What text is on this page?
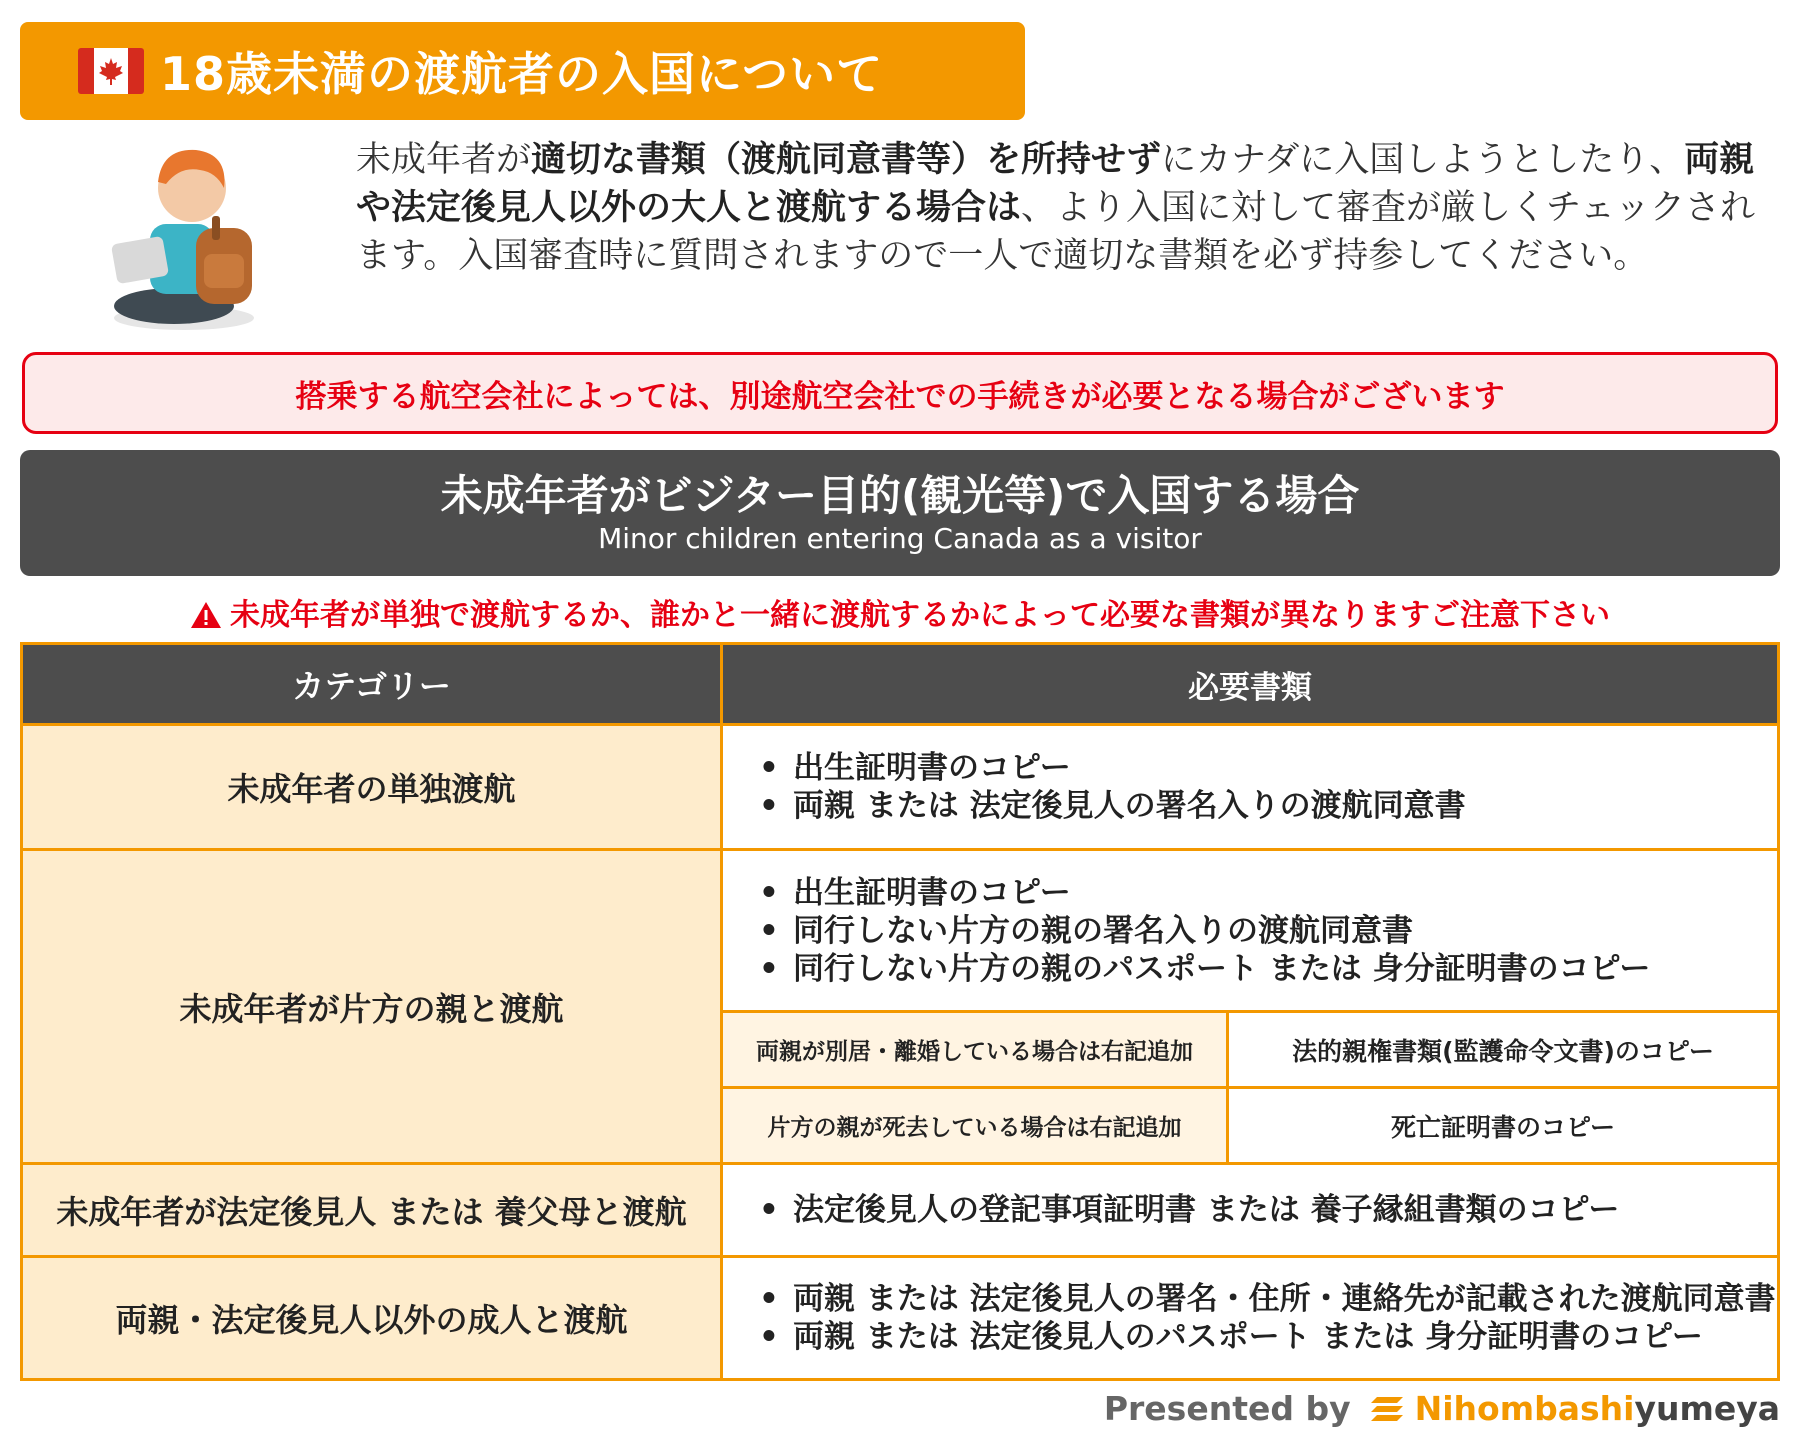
18歳未満の渡航者の入国について
未成年者が適切な書類（渡航同意書等）を所持せずにカナダに入国しようとしたり、両親や法定後見人以外の大人と渡航する場合は、より入国に対して審査が厳しくチェックされます。入国審査時に質問されますので一人で適切な書類を必ず持参してください。
搭乗する航空会社によっては、別途航空会社での手続きが必要となる場合がございます
未成年者がビジター目的(観光等)で入国する場合
Minor children entering Canada as a visitor
未成年者が単独で渡航するか、誰かと一緒に渡航するかによって必要な書類が異なりますご注意下さい
カテゴリー	必要書類
未成年者の単独渡航
• 出生証明書のコピー
• 両親 または 法定後見人の署名入りの渡航同意書
未成年者が片方の親と渡航
• 出生証明書のコピー
• 同行しない片方の親の署名入りの渡航同意書
• 同行しない片方の親のパスポート または 身分証明書のコピー
両親が別居・離婚している場合は右記追加	法的親権書類(監護命令文書)のコピー
片方の親が死去している場合は右記追加	死亡証明書のコピー
未成年者が法定後見人 または 養父母と渡航
•	法定後見人の登記事項証明書 または 養子縁組書類のコピー
両親・法定後見人以外の成人と渡航
• 両親 または 法定後見人の署名・住所・連絡先が記載された渡航同意書
• 両親 または 法定後見人のパスポート または 身分証明書のコピー
Presented by Nihombashi yumeya
